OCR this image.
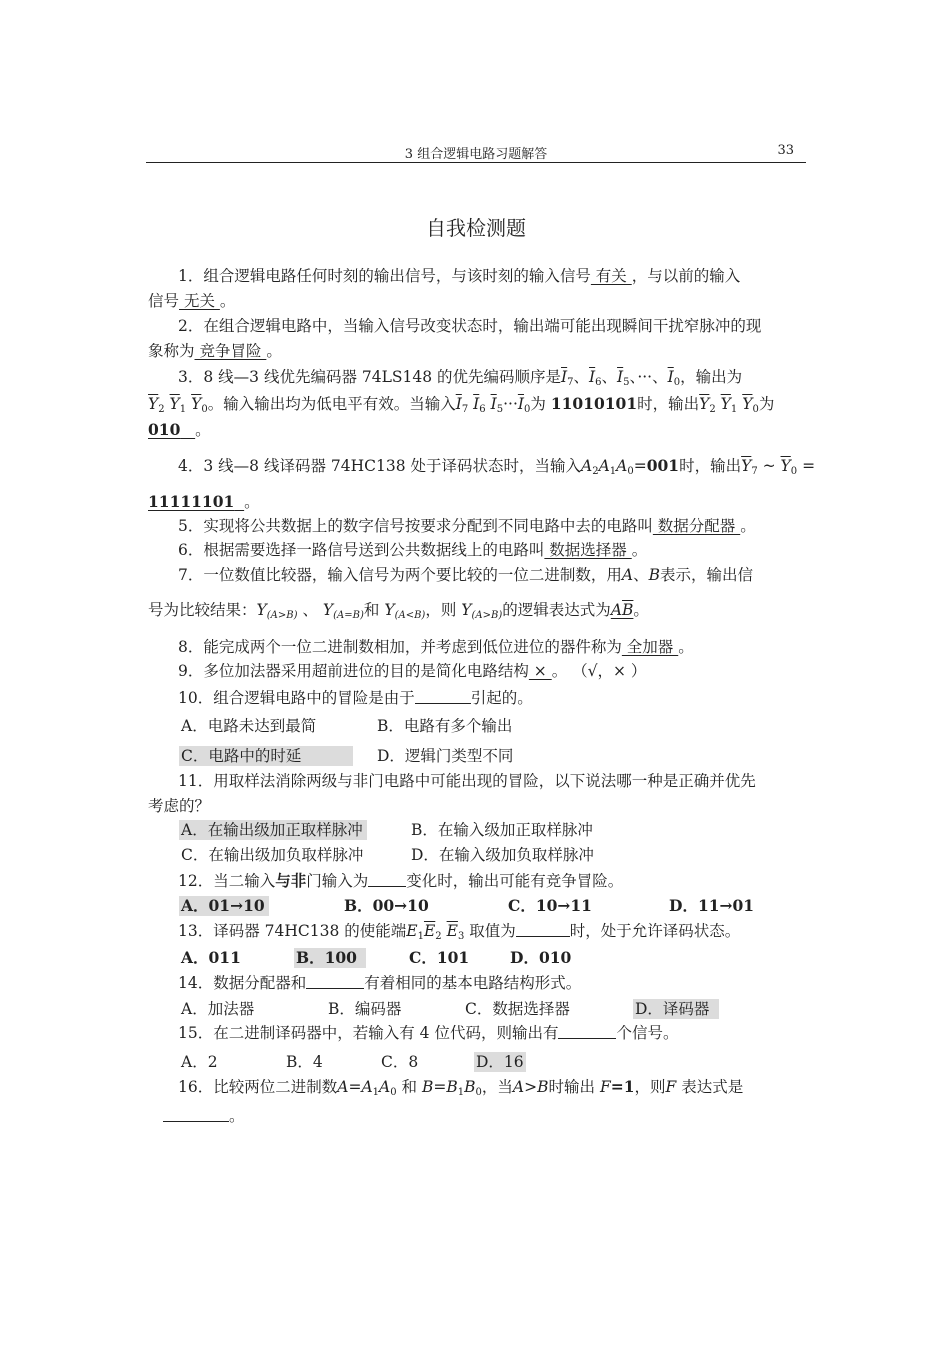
3 组合逻辑电路习题解答	33
自我检测题
1．组合逻辑电路任何时刻的输出信号，与该时刻的输入信号 有关 ，与以前的输入
信号 无关 。
2．在组合逻辑电路中，当输入信号改变状态时，输出端可能出现瞬间干扰窄脉冲的现
象称为 竞争冒险 。
3．8 线—3 线优先编码器 74LS148 的优先编码顺序是$\overline{I}_7$、$\overline{I}_6$、$\overline{I}_5$、···、$\overline{I}_0$，输出为
$\overline{Y}_2$ $\overline{Y}_1$ $\overline{Y}_0$。输入输出均为低电平有效。当输入$\overline{I}_7$ $\overline{I}_6$ $\overline{I}_5\cdot\cdot\cdot\overline{I}_0$为 11010101时，输出$\overline{Y}_2$ $\overline{Y}_1$ $\overline{Y}_0$为
010 。
4．3 线—8 线译码器 74HC138 处于译码状态时，当输入$A_2A_1A_0=001$时，输出$\overline{Y}_7$ ~ $\overline{Y}_0$ =
11111101 。
5．实现将公共数据上的数字信号按要求分配到不同电路中去的电路叫 数据分配器 。
6．根据需要选择一路信号送到公共数据线上的电路叫 数据选择器 。
7．一位数值比较器，输入信号为两个要比较的一位二进制数，用A、B表示，输出信
号为比较结果：$Y_{(A>B)}$ 、 $Y_{(A=B)}$和 $Y_{(A<B)}$，则 $Y_{(A>B)}$的逻辑表达式为AB。
8．能完成两个一位二进制数相加，并考虑到低位进位的器件称为 全加器 。
9．多位加法器采用超前进位的目的是简化电路结构 × 。 （√，× ）
10．组合逻辑电路中的冒险是由于	引起的。
A．电路未达到最简	B．电路有多个输出
C．电路中的时延	D．逻辑门类型不同
11．用取样法消除两级与非门电路中可能出现的冒险，以下说法哪一种是正确并优先
考虑的？
A．在输出级加正取样脉冲	B．在输入级加正取样脉冲
C．在输出级加负取样脉冲	D．在输入级加负取样脉冲
12．当二输入与非门输入为 变化时，输出可能有竞争冒险。
A．01→10	B．00→10	C．10→11	D．11→01
13．译码器 74HC138 的使能端$E_1\overline{E}_2$ $\overline{E}_3$ 取值为	时，处于允许译码状态。
A．011	B．100	C．101	D．010
14．数据分配器和	有着相同的基本电路结构形式。
A．加法器	B．编码器	C．数据选择器	D．译码器
15．在二进制译码器中，若输入有 4 位代码，则输出有	个信号。
A．2	B．4	C．8	D．16
16．比较两位二进制数$A=A_1A_0$ 和 $B=B_1B_0$，当A>B时输出 F=1，则F 表达式是
。
